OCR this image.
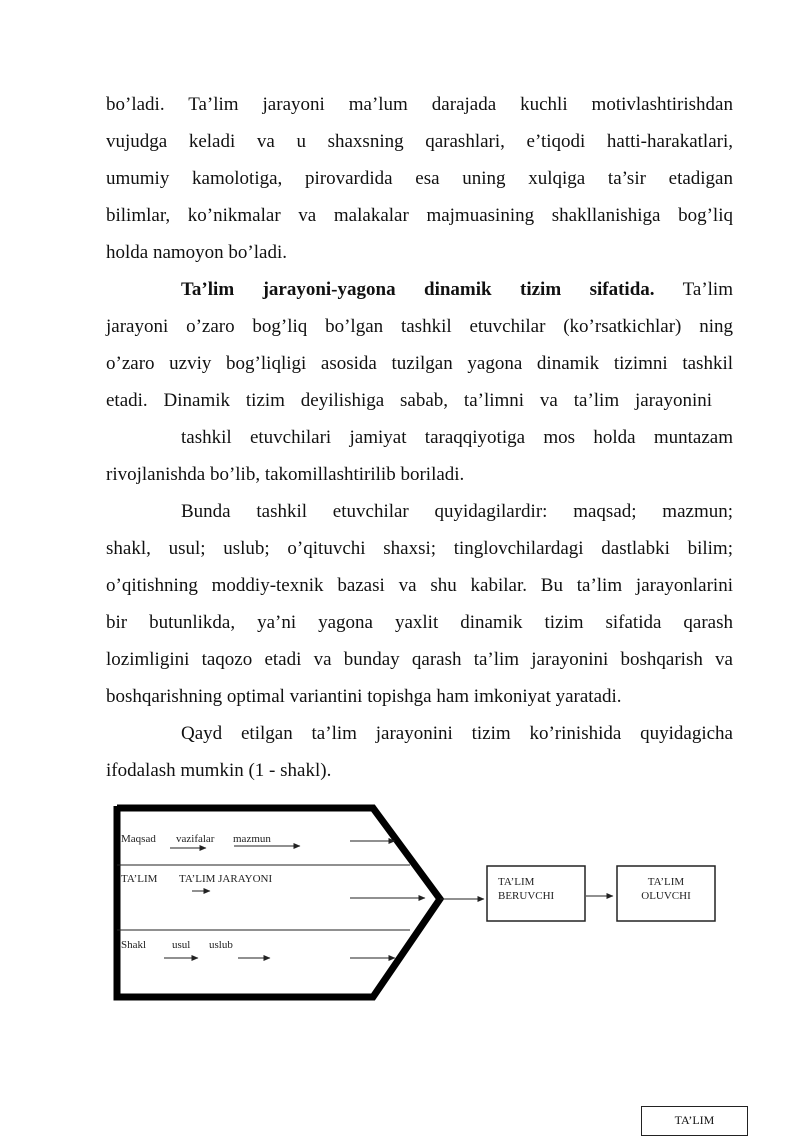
bo’ladi. Ta’lim jarayoni ma’lum darajada kuchli motivlashtirishdan
vujudga keladi va u shaxsning qarashlari, e’tiqodi hatti-harakatlari,
umumiy kamolotiga, pirovardida esa uning xulqiga ta’sir etadigan
bilimlar, ko’nikmalar va malakalar majmuasining shakllanishiga bog’liq

holda namoyon bo’ladi.

Ta’lim jarayoni-yagona dinamik tizim sifatida. Ta’lim

jarayoni o’zaro bog’liq bo’lgan tashkil etuvchilar (ko’rsatkichlar) ning
o’zaro uzviy bog’liqligi asosida tuzilgan yagona dinamik tizimni tashkil

etadi. Dinamik tizim deyilishiga sabab, ta’limni va ta’lim jarayonini

tashkil etuvchilari jamiyat taraqqiyotiga mos holda muntazam

rivojlanishda bo’lib, takomillashtirilib boriladi.

Bunda tashkil etuvchilar quyidagilardir: maqsad; mazmun;

shakl, usul; uslub; o’qituvchi shaxsi; tinglovchilardagi dastlabki bilim;
o’qitishning moddiy-texnik bazasi va shu kabilar. Bu ta’lim jarayonlarini
bir butunlikda, ya’ni yagona yaxlit dinamik tizim sifatida qarash
lozimligini taqozo etadi va bunday qarash ta’lim jarayonini boshqarish va

boshqarishning optimal variantini topishga ham imkoniyat yaratadi.

Qayd etilgan ta’lim jarayonini tizim ko’rinishida quyidagicha

ifodalash mumkin (1 - shakl).

Maqsad vazifalar mazmun
TA’LIM TA’LIM JARAYONI
Shakl usul uslub
TA’LIM
BERUVCHI
TA’LIM
OLUVCHI
TA’LIM
